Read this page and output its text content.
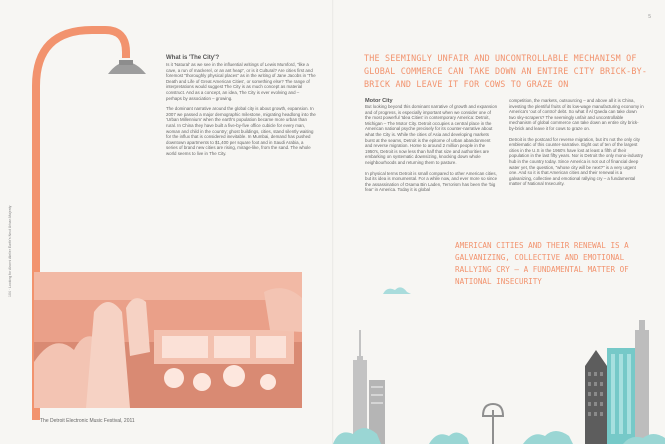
104 · Looking for Ahorni Atelier Earth's Next Urban Majesty
5
What is 'The City'?

Is it 'Natural' as we see in the influential writings of Lewis Mumford, "like a cave, a run of mackerel, or an ant heap", or is it Cultural? Are cities first and foremost "thoroughly physical places" as in the writing of Jane Jacobs in 'The Death and Life of Great American Cities', or something else? The range of interpretations would suggest The City is as much concept as material construct. And as a concept, an idea, The City is ever evolving and – perhaps by association – growing.

The dominant narrative around the global city is about growth, expansion. In 2007 we passed a major demographic milestone, migrating headlong into the 'Urban Millennium' when the earth's population became more urban than rural. In China they have built a five-by-five office cubicle for every man, woman and child in the country; ghost buildings, cities, stand silently waiting for the influx that is considered inevitable. In Mumbai, demand has pushed downtown apartments to $1,400 per square foot and in Saudi Arabia, a series of brand new cities are rising, mirage-like, from the sand. The whole world seems to live in The City.

The Detroit Electronic Music Festival, 2011
THE SEEMINGLY UNFAIR AND UNCONTROLLABLE MECHANISM OF GLOBAL COMMERCE CAN TAKE DOWN AN ENTIRE CITY BRICK-BY-BRICK AND LEAVE IT FOR COWS TO GRAZE ON
Motor City

But looking beyond this dominant narrative of growth and expansion and of progress, is especially important when we consider one of the most powerful 'Idea Cities' in contemporary America: Detroit, Michigan – The Motor City. Detroit occupies a central place in the American national psyche precisely for its counter-narrative about what the City is. While the cities of Asia and developing markets burst at the seams, Detroit is the epitome of urban abandonment and reverse migration. Home to around 2 million people in the 1950's, Detroit is now less than half that size and authorities are embarking on systematic downsizing, knocking down whole neighbourhoods and returning them to pasture.

In physical terms Detroit is small compared to other American cities, but its idea is monumental. For a while now, and ever more so since the assassination of Osama Bin Laden, Terrorism has been the 'big fear' in America. Today it is global

competition, the markets, outsourcing – and above all it is China, investing the plentiful fruits of its low-wage manufacturing economy in America's 'out of control' debt. So what if Al Qaeda can take down two sky-scrapers? The seemingly unfair and uncontrollable mechanism of global commerce can take down an entire city brick-by-brick and leave it for cows to graze on.

Detroit is the postcard for reverse migration, but it's not the only city emblematic of this counter-narrative. Eight out of ten of the largest cities in the U.S in the 1960's have lost at least a fifth of their population in the last fifty years. Nor is Detroit the only mono-industry hub in the country today. Since America is not out of financial deep water yet, the question, "whose city will be next?" is a very urgent one. And so it is that American cities and their renewal is a galvanizing, collective and emotional rallying cry – a fundamental matter of National Insecurity.

AMERICAN CITIES AND THEIR RENEWAL IS A GALVANIZING, COLLECTIVE AND EMOTIONAL RALLYING CRY – A FUNDAMENTAL MATTER OF NATIONAL INSECURITY
